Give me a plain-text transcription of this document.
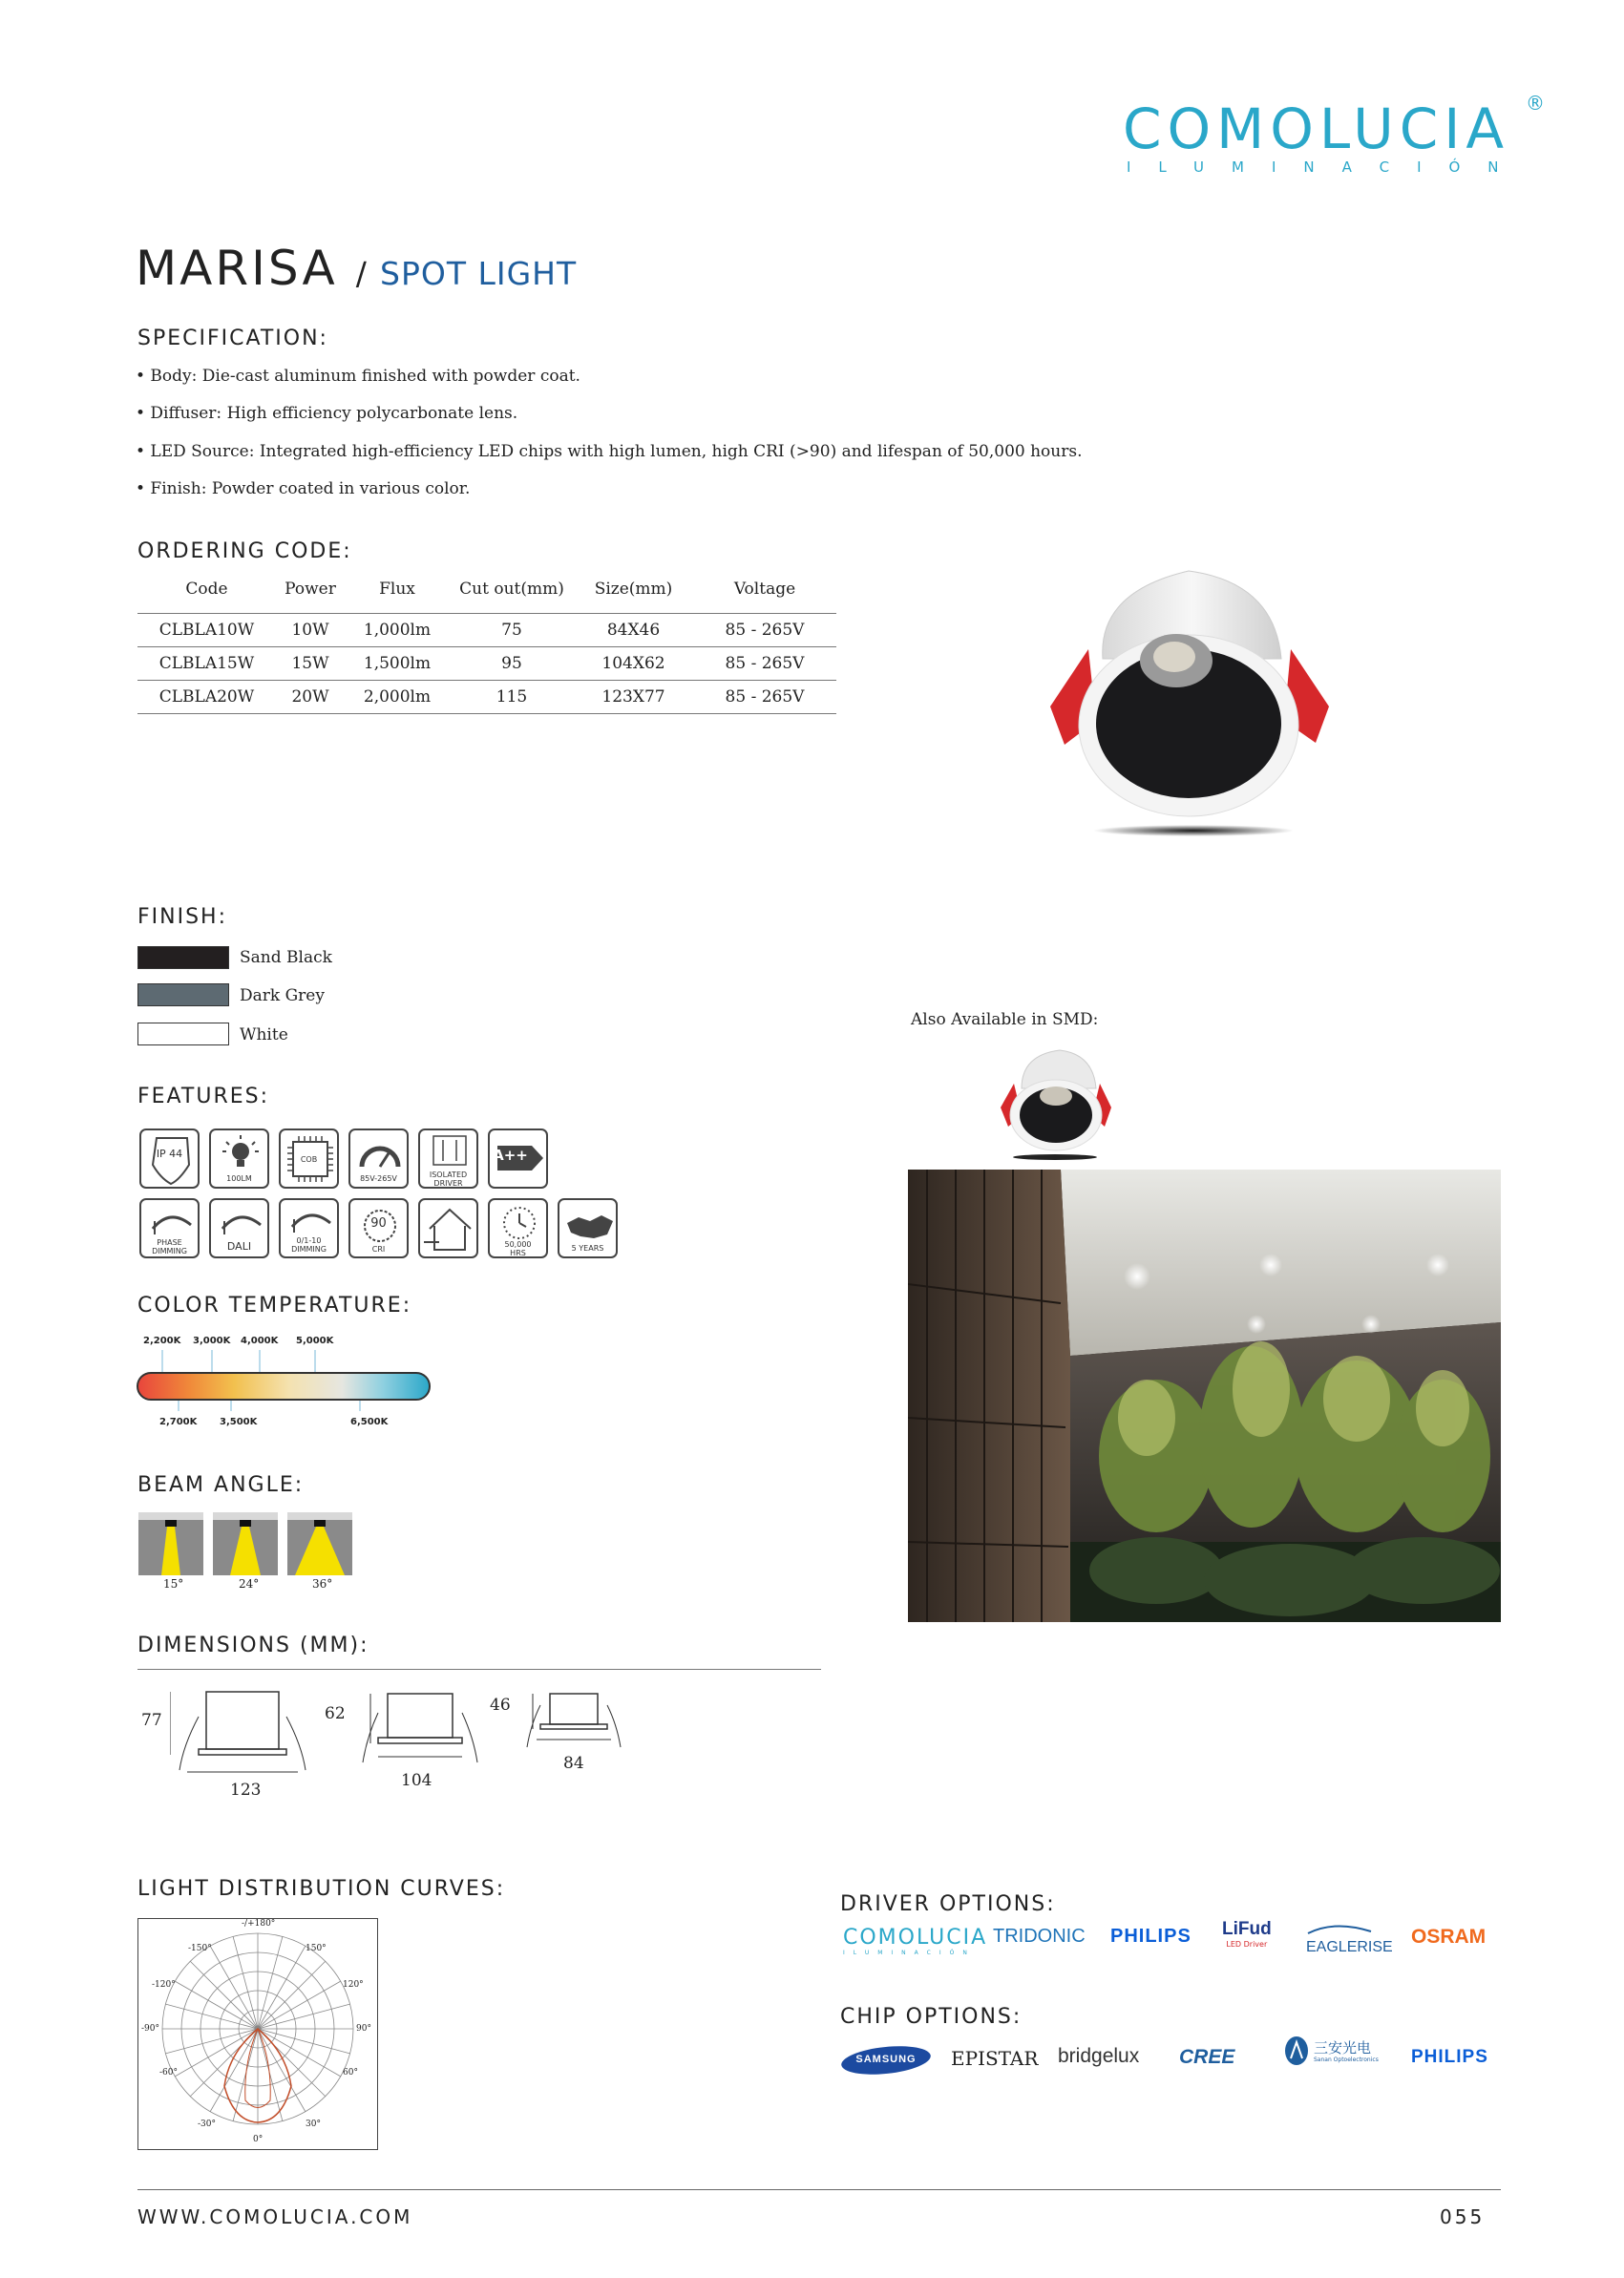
COMOLUCIA ®
ILUMINACIÓN
MARISA / SPOT LIGHT
SPECIFICATION:
• Body: Die-cast aluminum finished with powder coat.
• Diffuser: High efficiency polycarbonate lens.
• LED Source: Integrated high-efficiency LED chips with high lumen, high CRI (>90) and lifespan of 50,000 hours.
• Finish: Powder coated in various color.
ORDERING CODE:
Code	Power	Flux	Cut out(mm)	Size(mm)	Voltage
CLBLA10W	10W	1,000lm	75	84X46	85 - 265V
CLBLA15W	15W	1,500lm	95	104X62	85 - 265V
CLBLA20W	20W	2,000lm	115	123X77	85 - 265V
FINISH:
Sand Black
Dark Grey
White
Also Available in SMD:
FEATURES:
IP 44
100LM
COB
85V-265V	ISOLATED DRIVER
A++
PHASE DIMMING	DALI	0/1-10 DIMMING
90
CRI
50,000 HRS
5 YEARS
COLOR TEMPERATURE:
2,200K 3,000K 4,000K 5,000K
2,700K 3,500K	6,500K
BEAM ANGLE:
15°	24°	36°
DIMENSIONS (MM):
77
123
62
104
46
84
LIGHT DISTRIBUTION CURVES:
-/+180°
-150°	150°
-120°	120°
-90°	90°
-60°	60°
-30°	30°
0°
DRIVER OPTIONS:
COMOLUCIA
ILUMINACIÓN
TRIDONIC PHILIPS LiFud
LED Driver	EAGLERISE OSRAM
CHIP OPTIONS:
SAMSUNG	EPISTAR bridgelux CREE	三安光电
Sanan Optoelectronics PHILIPS
WWW.COMOLUCIA.COM	055
